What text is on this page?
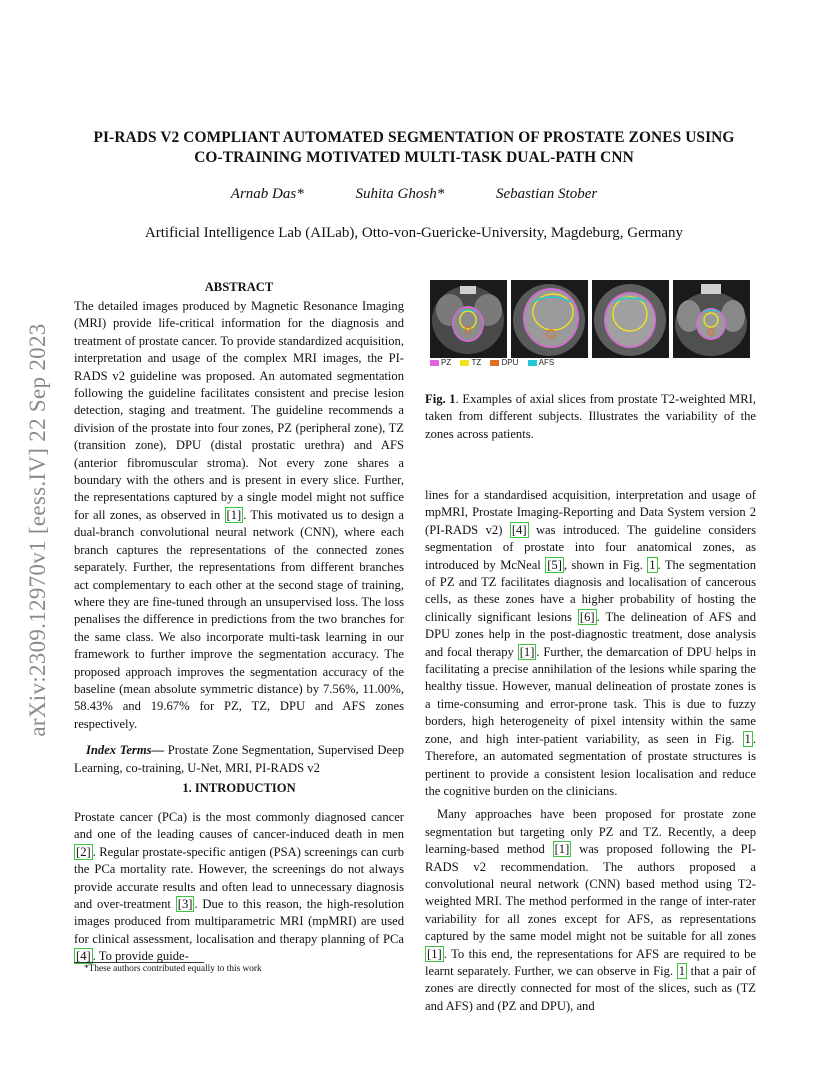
arXiv:2309.12970v1 [eess.IV] 22 Sep 2023
PI-RADS V2 COMPLIANT AUTOMATED SEGMENTATION OF PROSTATE ZONES USING
CO-TRAINING MOTIVATED MULTI-TASK DUAL-PATH CNN
Arnab Das*	Suhita Ghosh*	Sebastian Stober
Artificial Intelligence Lab (AILab), Otto-von-Guericke-University, Magdeburg, Germany
ABSTRACT

The detailed images produced by Magnetic Resonance Imaging (MRI) provide life-critical information for the diagnosis and treatment of prostate cancer. To provide standardized acquisition, interpretation and usage of the complex MRI images, the PI-RADS v2 guideline was proposed. An automated segmentation following the guideline facilitates consistent and precise lesion detection, staging and treatment. The guideline recommends a division of the prostate into four zones, PZ (peripheral zone), TZ (transition zone), DPU (distal prostatic urethra) and AFS (anterior fibromuscular stroma). Not every zone shares a boundary with the others and is present in every slice. Further, the representations captured by a single model might not suffice for all zones, as observed in [1] . This motivated us to design a dual-branch convolutional neural network (CNN), where each branch captures the representations of the connected zones separately. Further, the representations from different branches act complementary to each other at the second stage of training, where they are fine-tuned through an unsupervised loss. The loss penalises the difference in predictions from the two branches for the same class. We also incorporate multi-task learning in our framework to further improve the segmentation accuracy. The proposed approach improves the segmentation accuracy of the baseline (mean absolute symmetric distance) by 7.56%, 11.00%, 58.43% and 19.67% for PZ, TZ, DPU and AFS zones respectively.

Index Terms— Prostate Zone Segmentation, Supervised Deep Learning, co-training, U-Net, MRI, PI-RADS v2

1. INTRODUCTION

Prostate cancer (PCa) is the most commonly diagnosed cancer and one of the leading causes of cancer-induced death in men [2] . Regular prostate-specific antigen (PSA) screenings can curb the PCa mortality rate. However, the screenings do not always provide accurate results and often lead to unnecessary diagnosis and over-treatment [3] . Due to this reason, the high-resolution images produced from multiparametric MRI (mpMRI) are used for clinical assessment, localisation and therapy planning of PCa [4] . To provide guide-

*These authors contributed equally to this work
PZ	TZ	DPU	AFS
Fig. 1. Examples of axial slices from prostate T2-weighted MRI, taken from different subjects. Illustrates the variability of the zones across patients.

lines for a standardised acquisition, interpretation and usage of mpMRI, Prostate Imaging-Reporting and Data System version 2 (PI-RADS v2) [4] was introduced. The guideline considers segmentation of prostate into four anatomical zones, as introduced by McNeal [5] , shown in Fig. 1 . The segmentation of PZ and TZ facilitates diagnosis and localisation of cancerous cells, as these zones have a higher probability of hosting the clinically significant lesions [6] . The delineation of AFS and DPU zones help in the post-diagnostic treatment, dose analysis and focal therapy [1] . Further, the demarcation of DPU helps in facilitating a precise annihilation of the lesions while sparing the healthy tissue. However, manual delineation of prostate zones is a time-consuming and error-prone task. This is due to fuzzy borders, high heterogeneity of pixel intensity within the same zone, and high inter-patient variability, as seen in Fig. 1 . Therefore, an automated segmentation of prostate structures is pertinent to provide a consistent lesion localisation and reduce the cognitive burden on the clinicians.

Many approaches have been proposed for prostate zone segmentation but targeting only PZ and TZ. Recently, a deep learning-based method [1] was proposed following the PI-RADS v2 recommendation. The authors proposed a convolutional neural network (CNN) based method using T2-weighted MRI. The method performed in the range of inter-rater variability for all zones except for AFS, as representations captured by the same model might not be suitable for all zones [1] . To this end, the representations for AFS are required to be learnt separately. Further, we can observe in Fig. 1 that a pair of zones are directly connected for most of the slices, such as (TZ and AFS) and (PZ and DPU), and
